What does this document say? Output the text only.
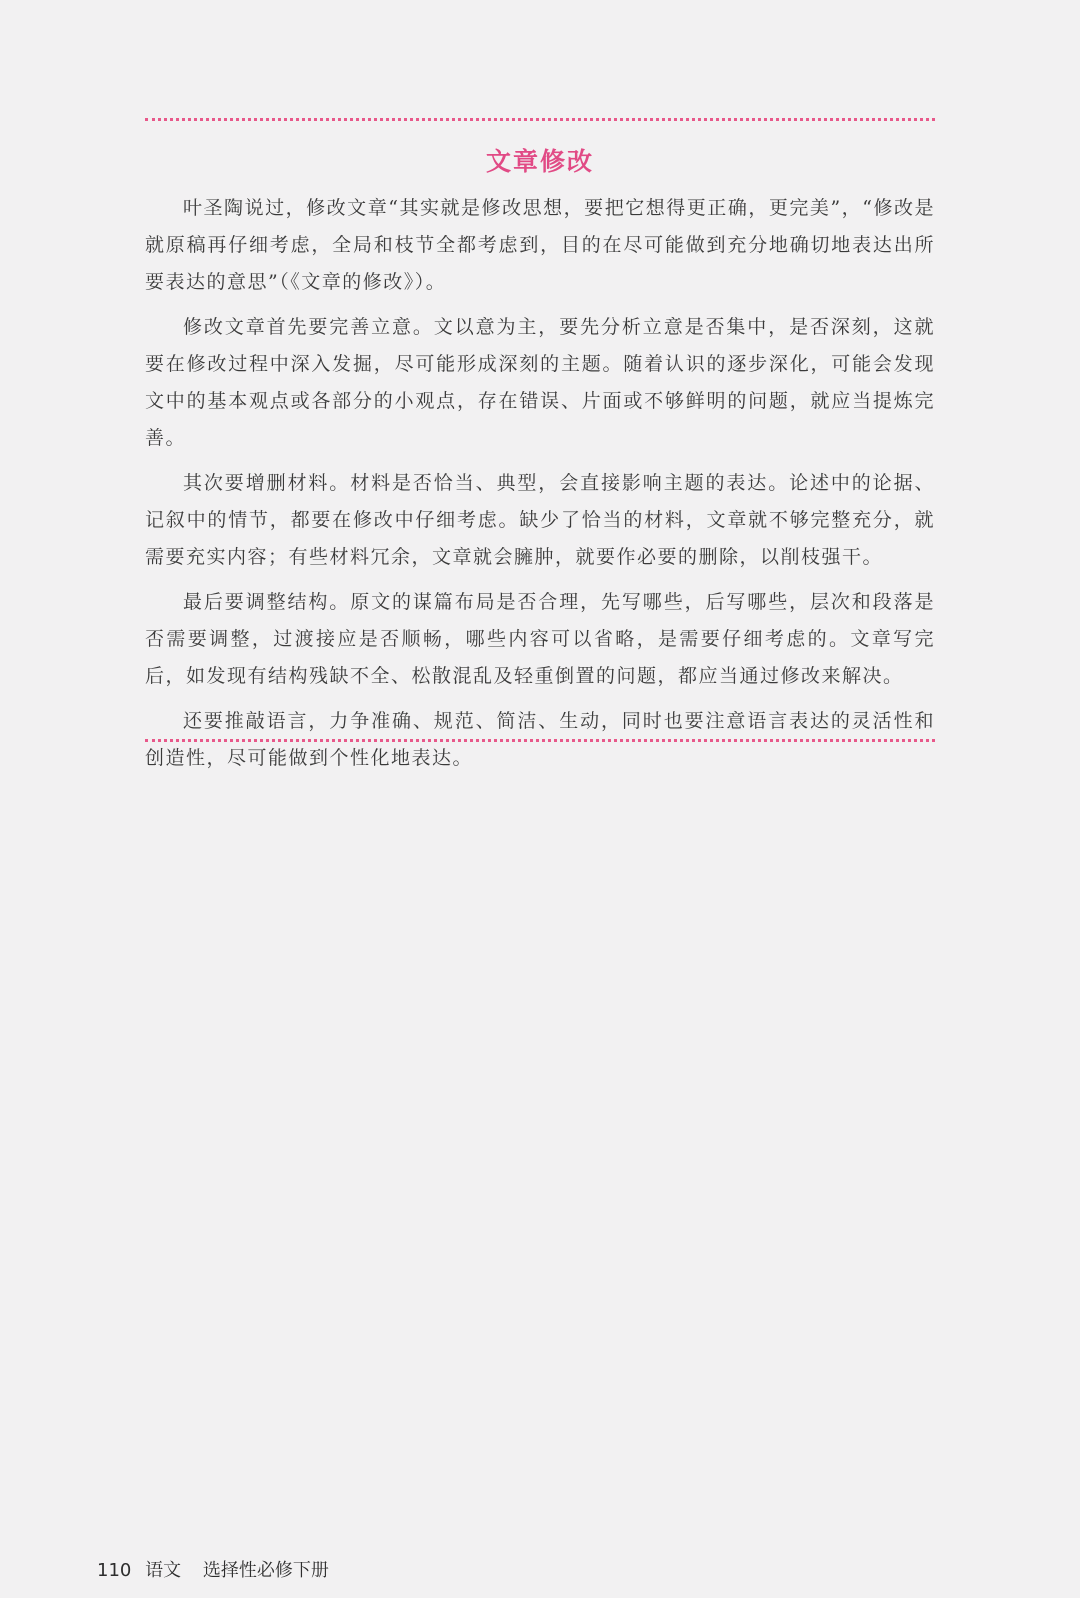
文章修改

叶圣陶说过，修改文章“其实就是修改思想，要把它想得更正确，更完美”，“修改是就原稿再仔细考虑，全局和枝节全都考虑到，目的在尽可能做到充分地确切地表达出所要表达的意思”（《文章的修改》）。

修改文章首先要完善立意。文以意为主，要先分析立意是否集中，是否深刻，这就要在修改过程中深入发掘，尽可能形成深刻的主题。随着认识的逐步深化，可能会发现文中的基本观点或各部分的小观点，存在错误、片面或不够鲜明的问题，就应当提炼完善。

其次要增删材料。材料是否恰当、典型，会直接影响主题的表达。论述中的论据、记叙中的情节，都要在修改中仔细考虑。缺少了恰当的材料，文章就不够完整充分，就需要充实内容；有些材料冗余，文章就会臃肿，就要作必要的删除，以削枝强干。

最后要调整结构。原文的谋篇布局是否合理，先写哪些，后写哪些，层次和段落是否需要调整，过渡接应是否顺畅，哪些内容可以省略，是需要仔细考虑的。文章写完后，如发现有结构残缺不全、松散混乱及轻重倒置的问题，都应当通过修改来解决。

还要推敲语言，力争准确、规范、简洁、生动，同时也要注意语言表达的灵活性和创造性，尽可能做到个性化地表达。

110 语文 选择性必修下册
